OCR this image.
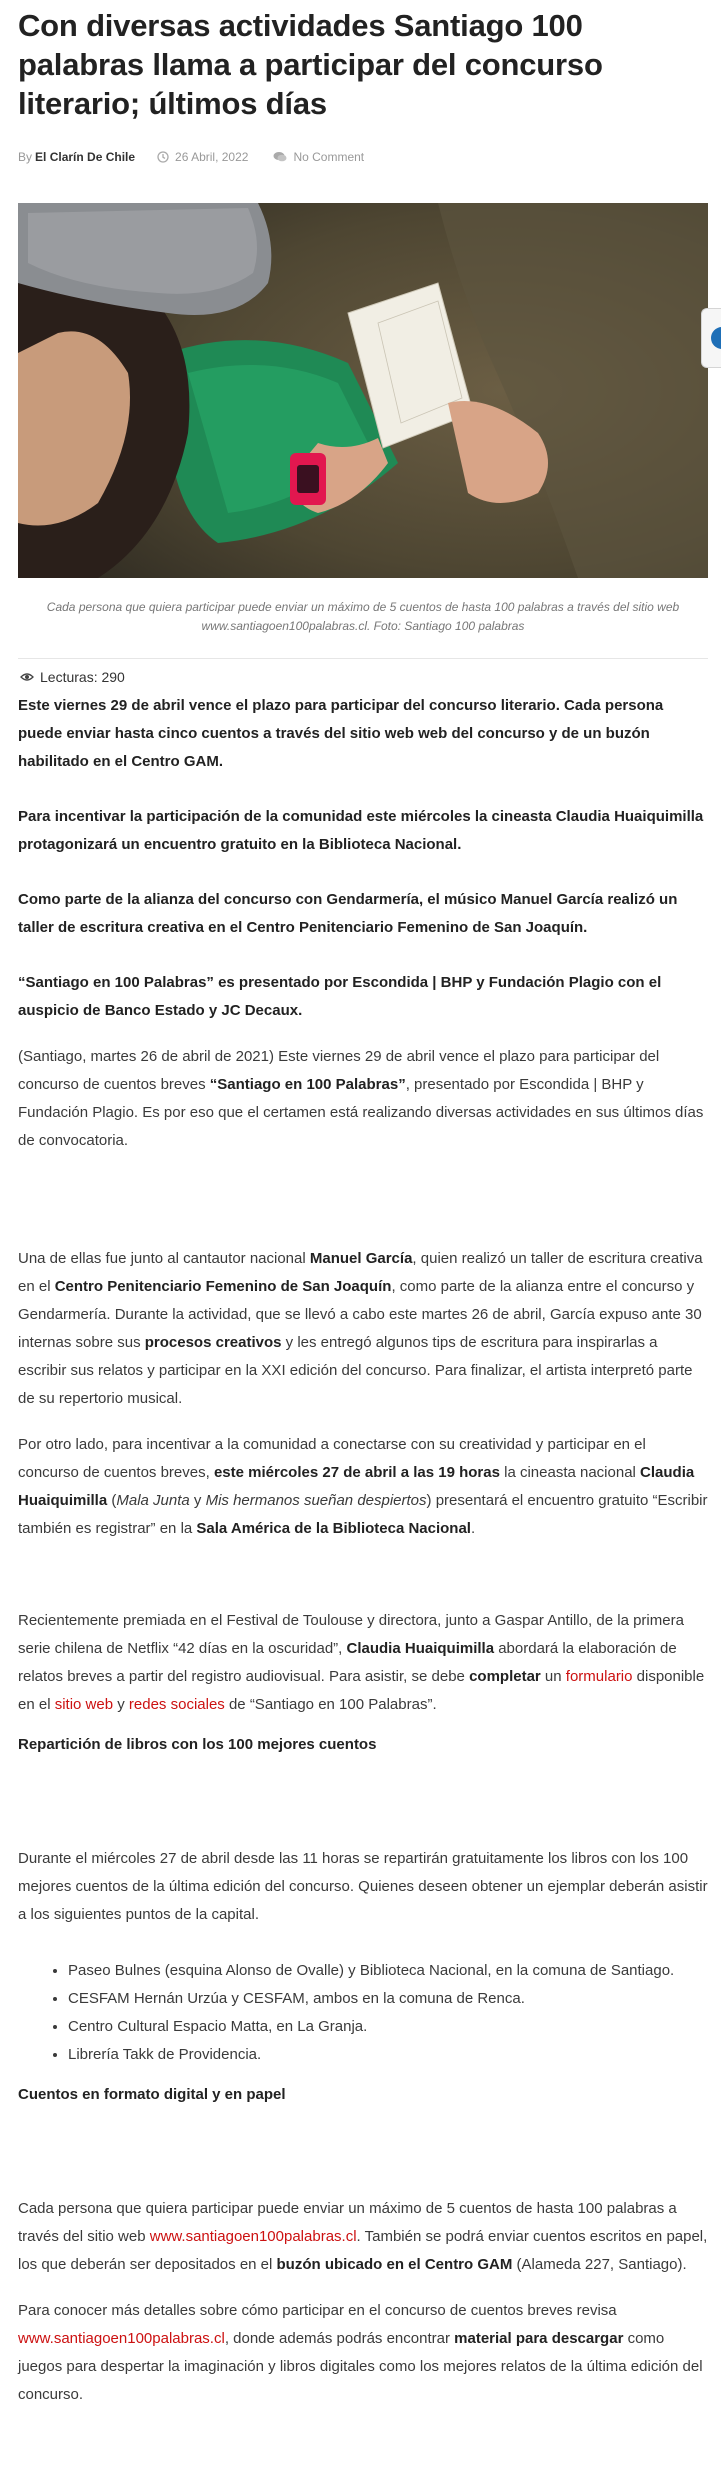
Con diversas actividades Santiago 100 palabras llama a participar del concurso literario; últimos días
By El Clarín De Chile	26 Abril, 2022	No Comment
Cada persona que quiera participar puede enviar un máximo de 5 cuentos de hasta 100 palabras a través del sitio web www.santiagoen100palabras.cl. Foto: Santiago 100 palabras
Lecturas:
290

Este viernes 29 de abril vence el plazo para participar del concurso literario. Cada persona puede enviar hasta cinco cuentos a través del sitio web web del concurso y de un buzón habilitado en el Centro GAM.

Para incentivar la participación de la comunidad este miércoles la cineasta Claudia Huaiquimilla protagonizará un encuentro gratuito en la Biblioteca Nacional.

Como parte de la alianza del concurso con Gendarmería, el músico Manuel García realizó un taller de escritura creativa en el Centro Penitenciario Femenino de San Joaquín.

“Santiago en 100 Palabras” es presentado por Escondida | BHP y Fundación Plagio con el auspicio de Banco Estado y JC Decaux.

(Santiago, martes 26 de abril de 2021) Este viernes 29 de abril vence el plazo para participar del concurso de cuentos breves “Santiago en 100 Palabras”, presentado por Escondida | BHP y Fundación Plagio. Es por eso que el certamen está realizando diversas actividades en sus últimos días de convocatoria.

Una de ellas fue junto al cantautor nacional Manuel García, quien realizó un taller de escritura creativa en el Centro Penitenciario Femenino de San Joaquín, como parte de la alianza entre el concurso y Gendarmería. Durante la actividad, que se llevó a cabo este martes 26 de abril, García expuso ante 30 internas sobre sus procesos creativos y les entregó algunos tips de escritura para inspirarlas a escribir sus relatos y participar en la XXI edición del concurso. Para finalizar, el artista interpretó parte de su repertorio musical.

Por otro lado, para incentivar a la comunidad a conectarse con su creatividad y participar en el concurso de cuentos breves, este miércoles 27 de abril a las 19 horas la cineasta nacional Claudia Huaiquimilla (Mala Junta y Mis hermanos sueñan despiertos) presentará el encuentro gratuito “Escribir también es registrar” en la Sala América de la Biblioteca Nacional.

Recientemente premiada en el Festival de Toulouse y directora, junto a Gaspar Antillo, de la primera serie chilena de Netflix “42 días en la oscuridad”, Claudia Huaiquimilla abordará la elaboración de relatos breves a partir del registro audiovisual. Para asistir, se debe completar un formulario disponible en el sitio web y redes sociales de “Santiago en 100 Palabras”.

Repartición de libros con los 100 mejores cuentos

Durante el miércoles 27 de abril desde las 11 horas se repartirán gratuitamente los libros con los 100 mejores cuentos de la última edición del concurso. Quienes deseen obtener un ejemplar deberán asistir a los siguientes puntos de la capital.

• Paseo Bulnes (esquina Alonso de Ovalle) y Biblioteca Nacional, en la comuna de Santiago.
• CESFAM Hernán Urzúa y CESFAM, ambos en la comuna de Renca.
• Centro Cultural Espacio Matta, en La Granja.
• Librería Takk de Providencia.
Cuentos en formato digital y en papel

Cada persona que quiera participar puede enviar un máximo de 5 cuentos de hasta 100 palabras a través del sitio web www.santiagoen100palabras.cl. También se podrá enviar cuentos escritos en papel, los que deberán ser depositados en el buzón ubicado en el Centro GAM (Alameda 227, Santiago).

Para conocer más detalles sobre cómo participar en el concurso de cuentos breves revisa www.santiagoen100palabras.cl, donde además podrás encontrar material para descargar como juegos para despertar la imaginación y libros digitales como los mejores relatos de la última edición del concurso.
